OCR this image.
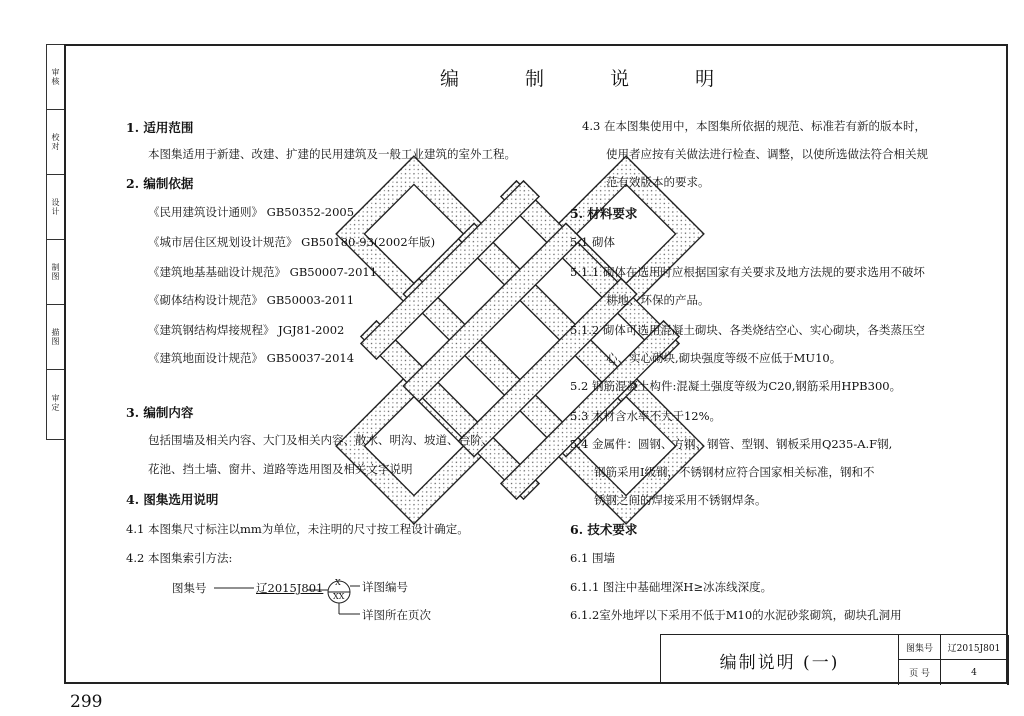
审核
校对
设计
制图
描图
审定
编 制 说 明
1. 适用范围
本图集适用于新建、改建、扩建的民用建筑及一般工业建筑的室外工程。
2. 编制依据
《民用建筑设计通则》 GB50352-2005
《城市居住区规划设计规范》 GB50180-93(2002年版)
《建筑地基基础设计规范》 GB50007-2011
《砌体结构设计规范》 GB50003-2011
《建筑钢结构焊接规程》 JGJ81-2002
《建筑地面设计规范》 GB50037-2014
3. 编制内容
包括围墙及相关内容、大门及相关内容、散水、明沟、坡道、台阶、
花池、挡土墙、窗井、道路等选用图及相关文字说明
4. 图集选用说明
4.1 本图集尺寸标注以mm为单位，未注明的尺寸按工程设计确定。
4.2 本图集索引方法:
图集号	辽2015J801 X
XX
详图编号
详图所在页次
4.3 在本图集使用中，本图集所依据的规范、标准若有新的版本时，
使用者应按有关做法进行检查、调整，以使所选做法符合相关规
范有效版本的要求。
5. 材料要求
5.1 砌体
5.1.1 砌体在选用时应根据国家有关要求及地方法规的要求选用不破坏
耕地、环保的产品。
5.1.2 砌体可选用混凝土砌块、各类烧结空心、实心砌块，各类蒸压空
心、实心砌块,砌块强度等级不应低于MU10。
5.2 钢筋混凝土构件:混凝土强度等级为C20,钢筋采用HPB300。
5.3 木材含水率不大于12%。
5.4 金属件：圆钢、方钢、钢管、型钢、钢板采用Q235-A.F钢,
钢筋采用I级钢，不锈钢材应符合国家相关标准，钢和不
锈钢之间的焊接采用不锈钢焊条。
6. 技术要求
6.1 围墙
6.1.1 图注中基础埋深H≥冰冻线深度。
6.1.2室外地坪以下采用不低于M10的水泥砂浆砌筑，砌块孔洞用
编制说明 (一)
图集号	辽2015J801
页 号	4
299
